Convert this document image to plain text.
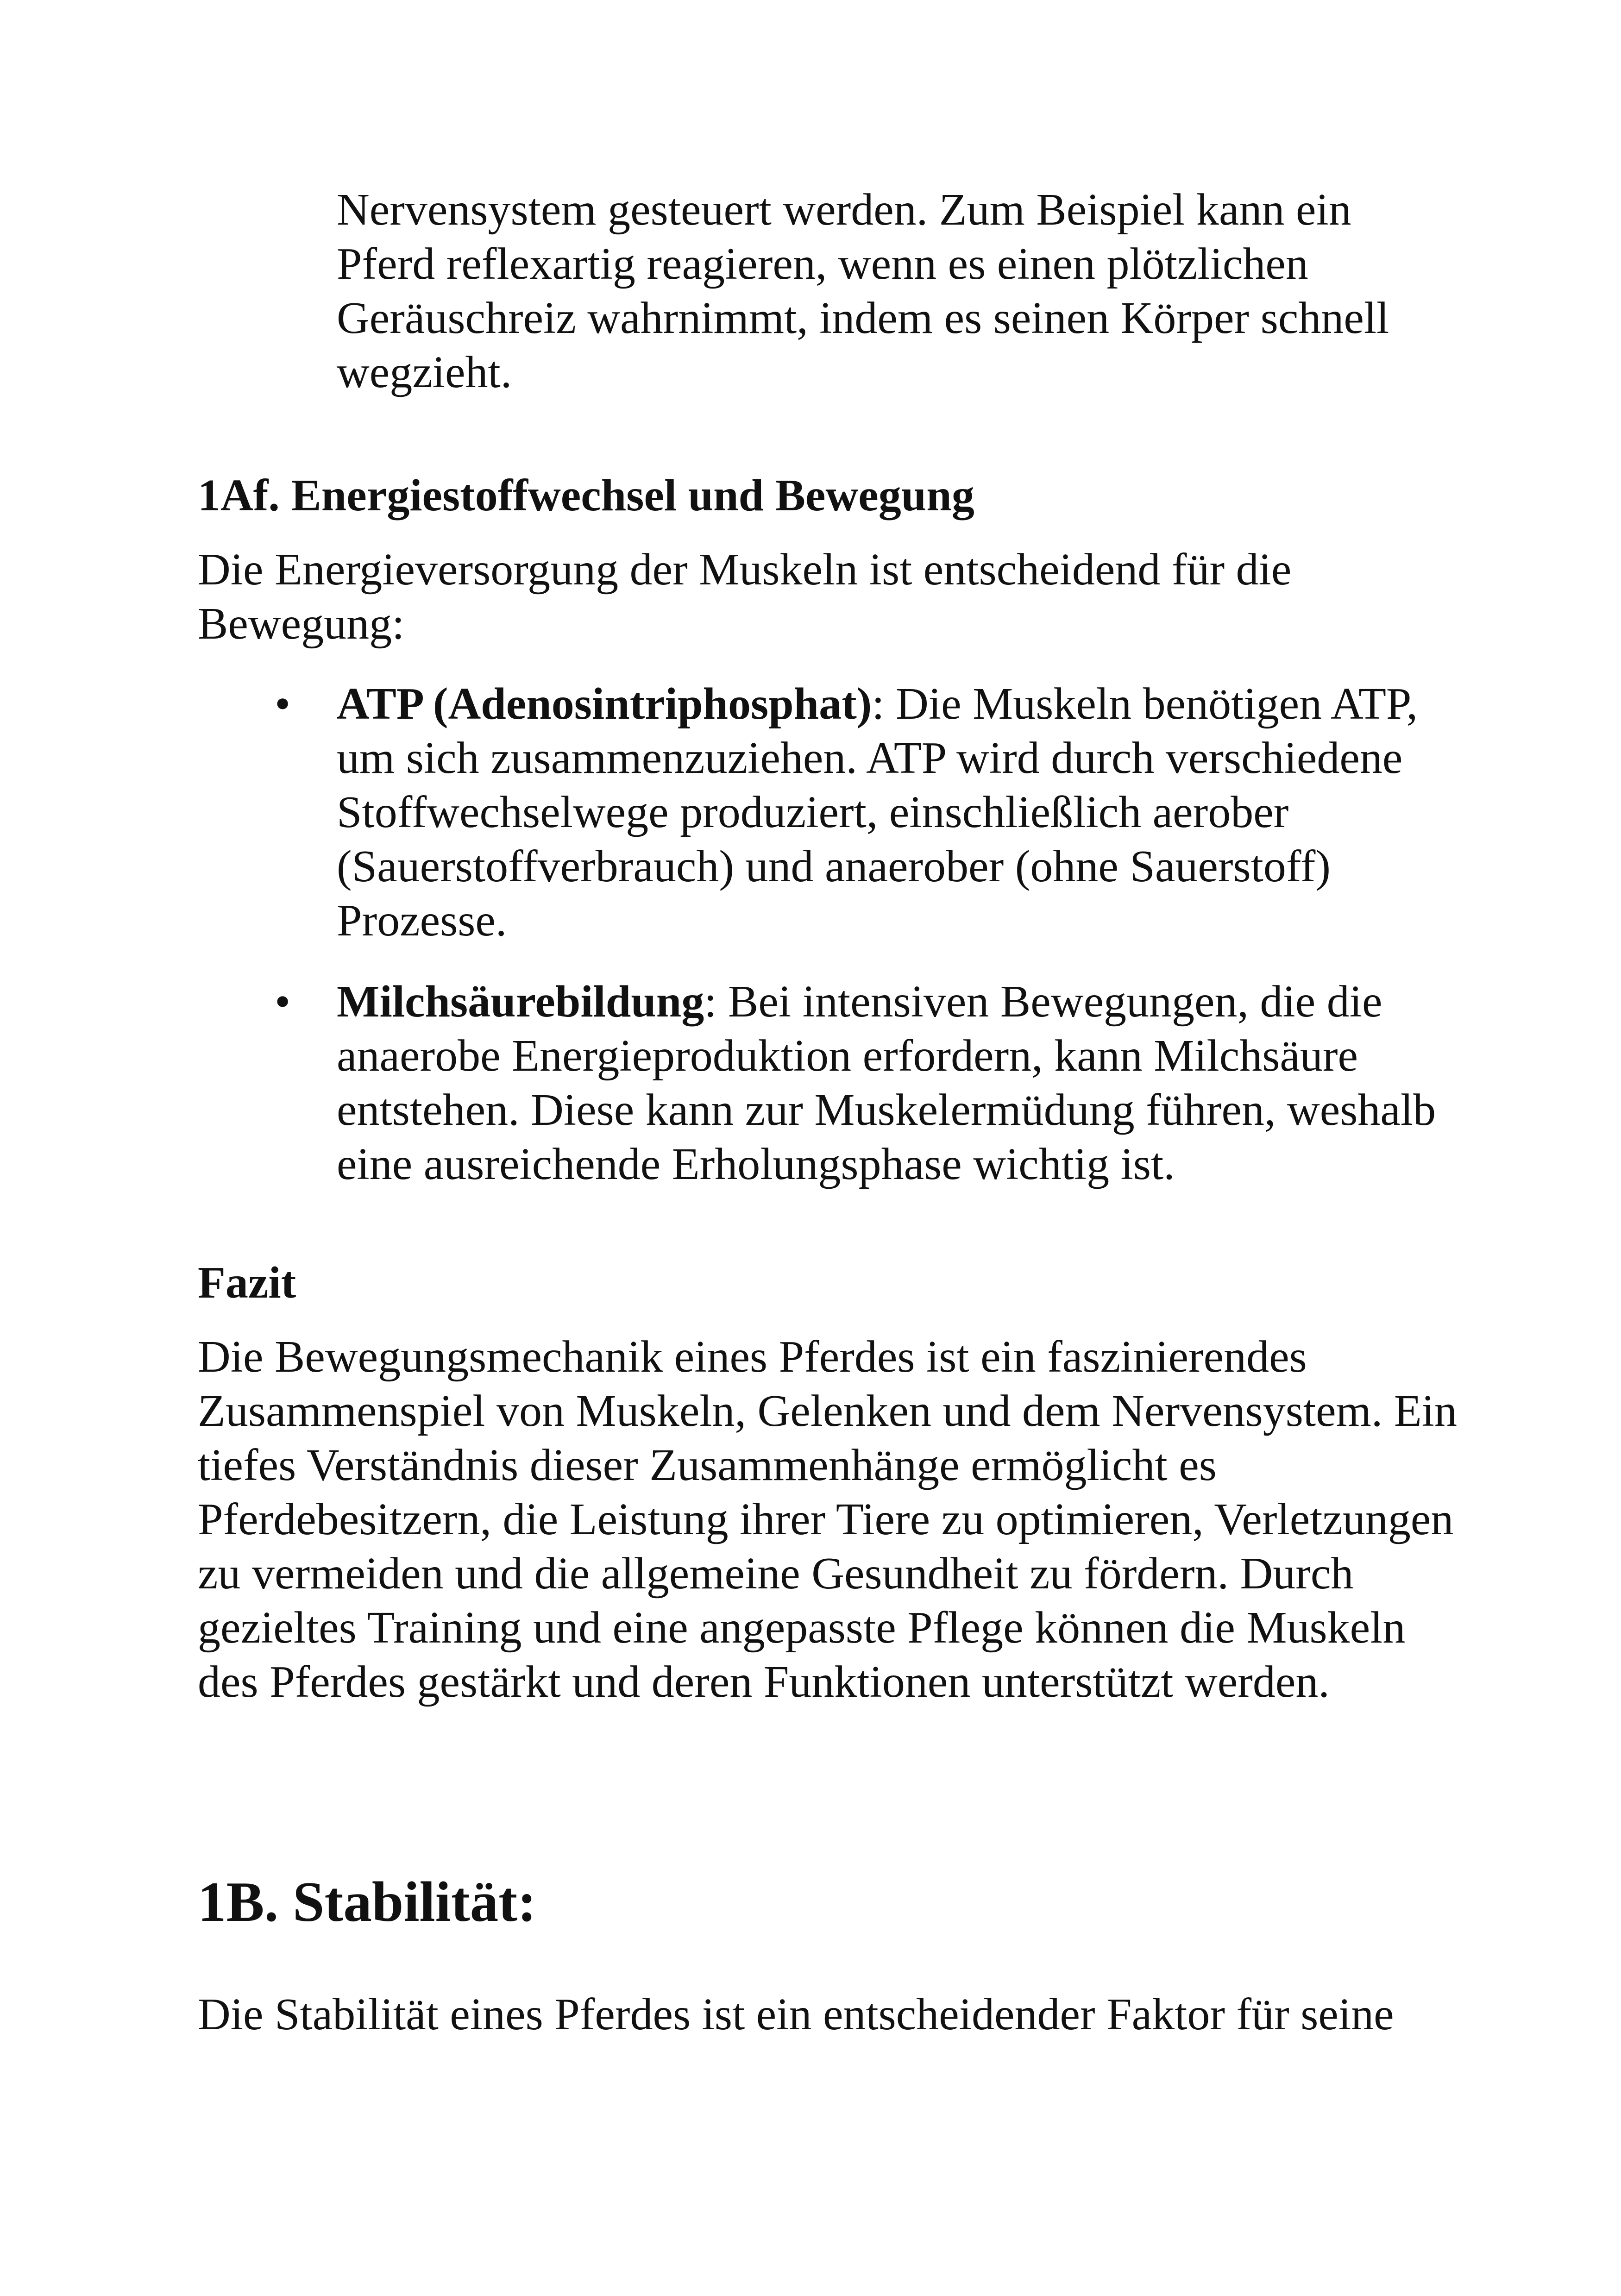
Nervensystem gesteuert werden. Zum Beispiel kann ein Pferd reflexartig reagieren, wenn es einen plötzlichen Geräuschreiz wahrnimmt, indem es seinen Körper schnell wegzieht.

1Af. Energiestoffwechsel und Bewegung

Die Energieversorgung der Muskeln ist entscheidend für die Bewegung:

• ATP (Adenosintriphosphat): Die Muskeln benötigen ATP, um sich zusammenzuziehen. ATP wird durch verschiedene Stoffwechselwege produziert, einschließlich aerober (Sauerstoffverbrauch) und anaerober (ohne Sauerstoff) Prozesse.
• Milchsäurebildung: Bei intensiven Bewegungen, die die anaerobe Energieproduktion erfordern, kann Milchsäure entstehen. Diese kann zur Muskelermüdung führen, weshalb eine ausreichende Erholungsphase wichtig ist.
Fazit

Die Bewegungsmechanik eines Pferdes ist ein faszinierendes Zusammenspiel von Muskeln, Gelenken und dem Nervensystem. Ein tiefes Verständnis dieser Zusammenhänge ermöglicht es Pferdebesitzern, die Leistung ihrer Tiere zu optimieren, Verletzungen zu vermeiden und die allgemeine Gesundheit zu fördern. Durch gezieltes Training und eine angepasste Pflege können die Muskeln des Pferdes gestärkt und deren Funktionen unterstützt werden.

1B. Stabilität:

Die Stabilität eines Pferdes ist ein entscheidender Faktor für seine
